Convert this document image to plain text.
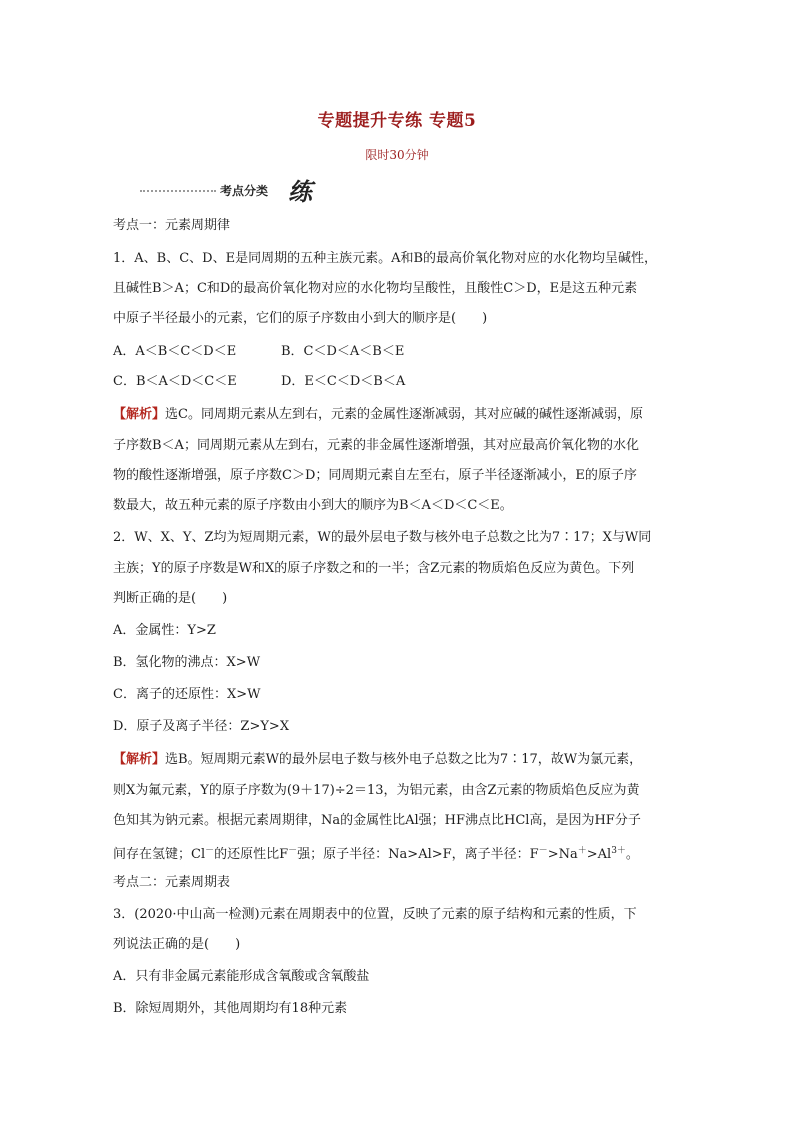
专题提升专练 专题5
限时30分钟
考点分类 练
考点一：元素周期律
1．A、B、C、D、E是同周期的五种主族元素。A和B的最高价氧化物对应的水化物均呈碱性，
且碱性B＞A；C和D的最高价氧化物对应的水化物均呈酸性，且酸性C＞D，E是这五种元素
中原子半径最小的元素，它们的原子序数由小到大的顺序是(　　)
A．A＜B＜C＜D＜E	B．C＜D＜A＜B＜E
C．B＜A＜D＜C＜E	D．E＜C＜D＜B＜A
【解析】选C。同周期元素从左到右，元素的金属性逐渐减弱，其对应碱的碱性逐渐减弱，原
子序数B＜A；同周期元素从左到右，元素的非金属性逐渐增强，其对应最高价氧化物的水化
物的酸性逐渐增强，原子序数C＞D；同周期元素自左至右，原子半径逐渐减小，E的原子序
数最大，故五种元素的原子序数由小到大的顺序为B＜A＜D＜C＜E。
2．W、X、Y、Z均为短周期元素，W的最外层电子数与核外电子总数之比为7∶17；X与W同
主族；Y的原子序数是W和X的原子序数之和的一半；含Z元素的物质焰色反应为黄色。下列
判断正确的是(　　)
A．金属性：Y>Z
B．氢化物的沸点：X>W
C．离子的还原性：X>W
D．原子及离子半径：Z>Y>X
【解析】选B。短周期元素W的最外层电子数与核外电子总数之比为7∶17，故W为氯元素，
则X为氟元素，Y的原子序数为(9＋17)÷2＝13，为铝元素，由含Z元素的物质焰色反应为黄
色知其为钠元素。根据元素周期律，Na的金属性比Al强；HF沸点比HCl高，是因为HF分子
间存在氢键；Cl－的还原性比F－强；原子半径：Na>Al>F，离子半径：$F^->Na^+>Al^{3+}$。
考点二：元素周期表
3．(2020·中山高一检测)元素在周期表中的位置，反映了元素的原子结构和元素的性质，下
列说法正确的是(　　)
A．只有非金属元素能形成含氧酸或含氧酸盐
B．除短周期外，其他周期均有18种元素
